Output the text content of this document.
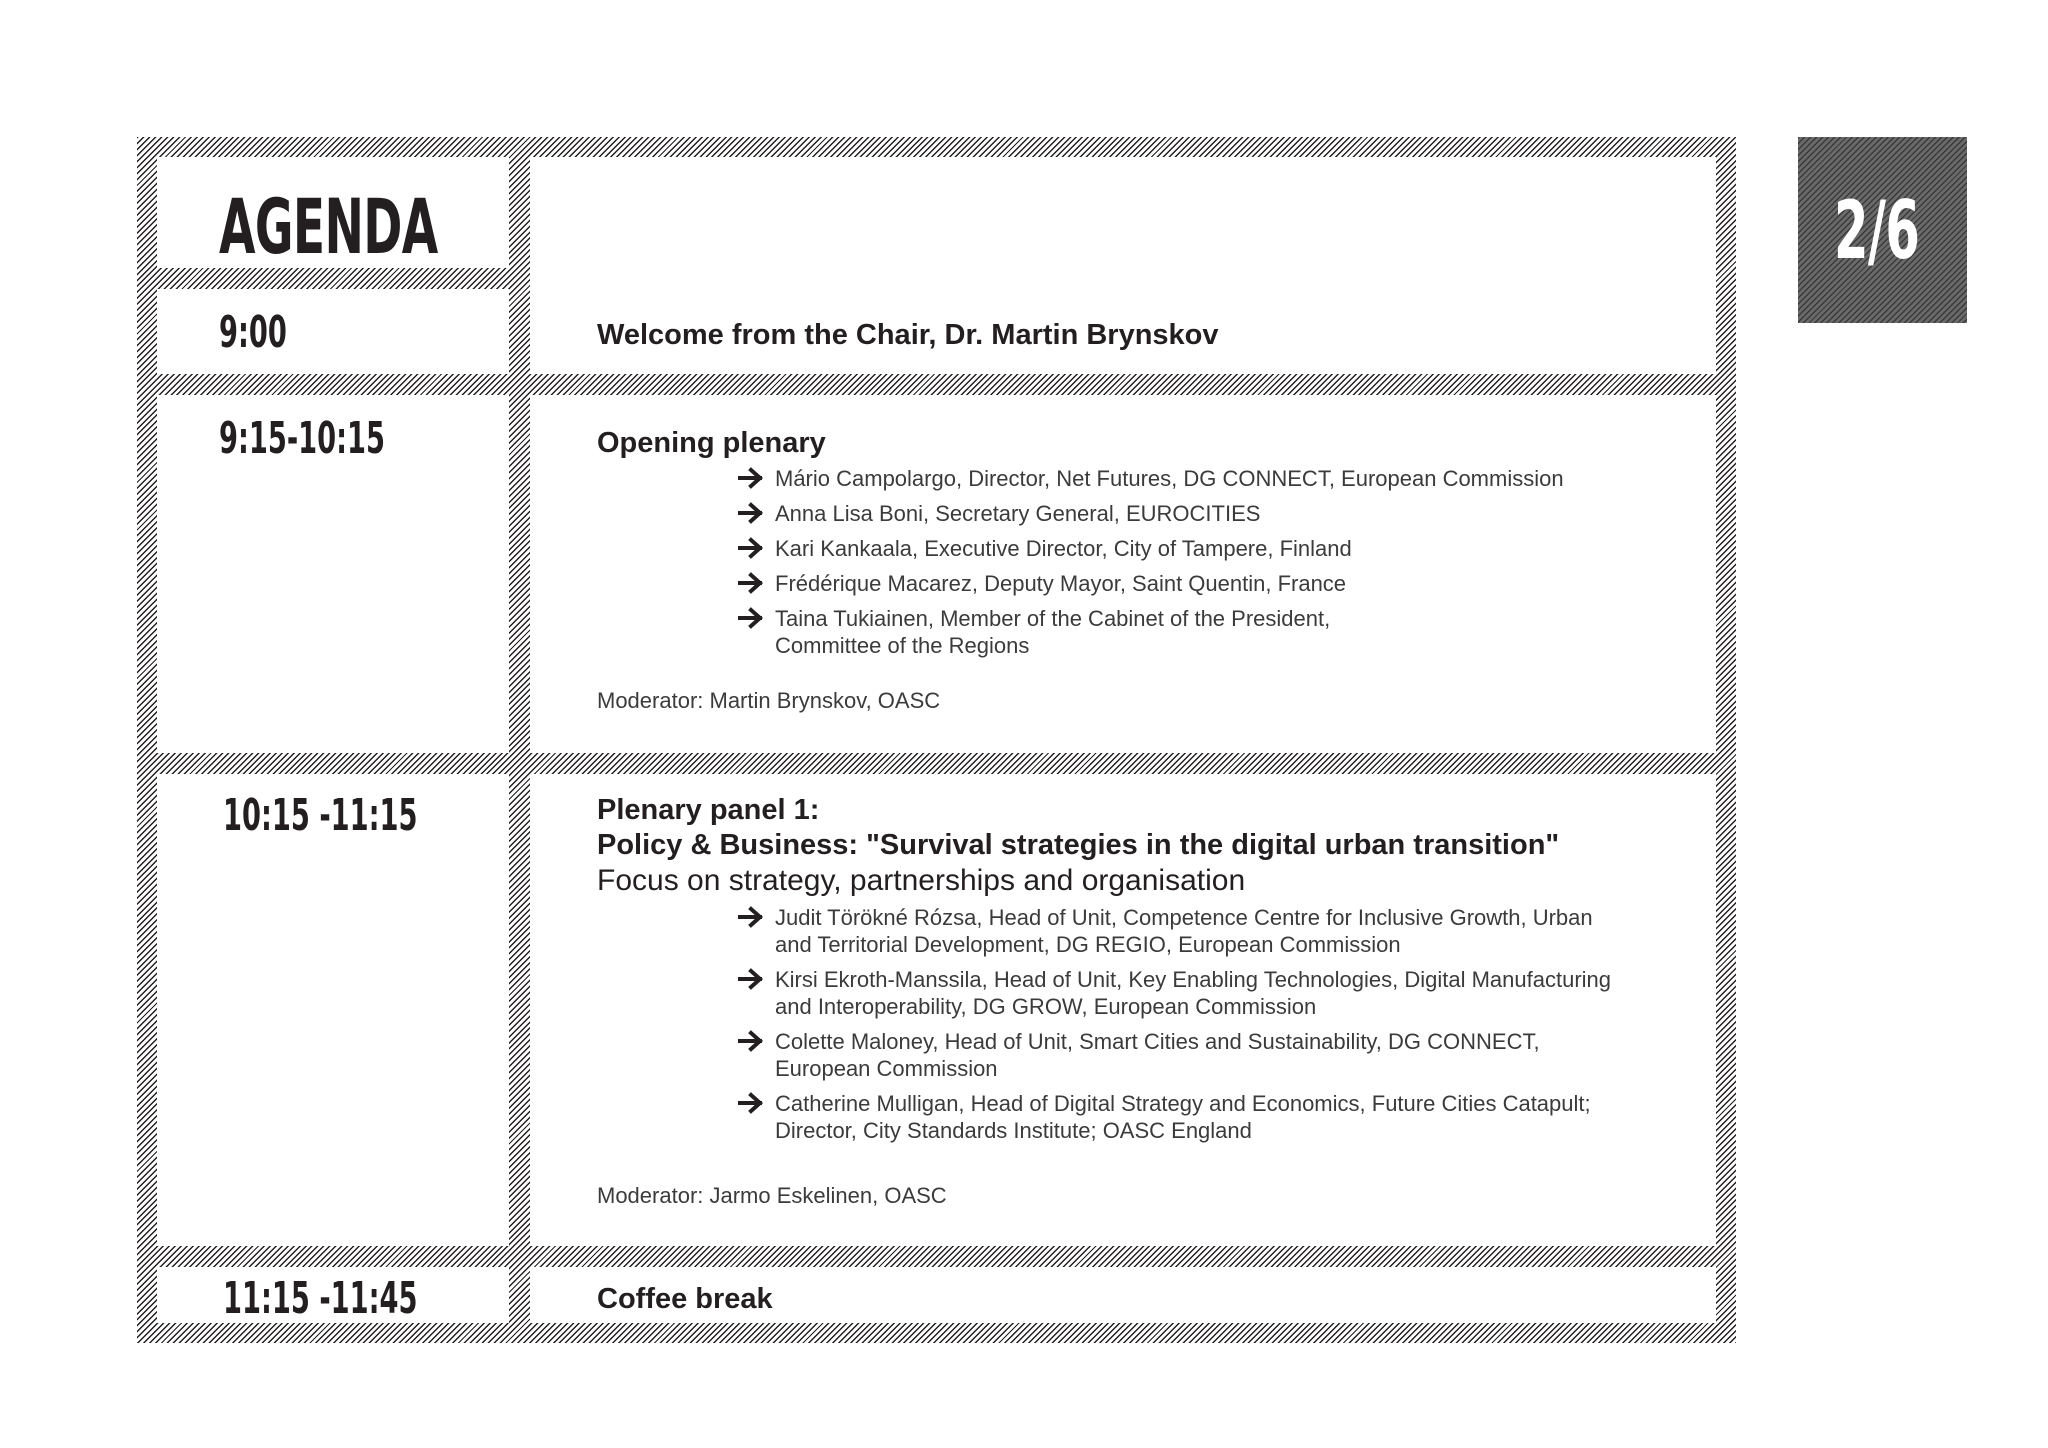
AGENDA
9:00
9:15-10:15
10:15 -11:15
11:15 -11:45
Welcome from the Chair, Dr. Martin Brynskov
Opening plenary
Mário Campolargo, Director, Net Futures, DG CONNECT, European Commission
Anna Lisa Boni, Secretary General, EUROCITIES
Kari Kankaala, Executive Director, City of Tampere, Finland
Frédérique Macarez, Deputy Mayor, Saint Quentin, France
Taina Tukiainen, Member of the Cabinet of the President, Committee of the Regions
Moderator: Martin Brynskov, OASC
Plenary panel 1:
Policy & Business: "Survival strategies in the digital urban transition"
Focus on strategy, partnerships and organisation
Judit Törökné Rózsa, Head of Unit, Competence Centre for Inclusive Growth, Urban and Territorial Development, DG REGIO, European Commission
Kirsi Ekroth-Manssila, Head of Unit, Key Enabling Technologies, Digital Manufacturing and Interoperability, DG GROW, European Commission
Colette Maloney, Head of Unit, Smart Cities and Sustainability, DG CONNECT, European Commission
Catherine Mulligan, Head of Digital Strategy and Economics, Future Cities Catapult; Director, City Standards Institute; OASC England
Moderator: Jarmo Eskelinen, OASC
Coffee break
2/6
